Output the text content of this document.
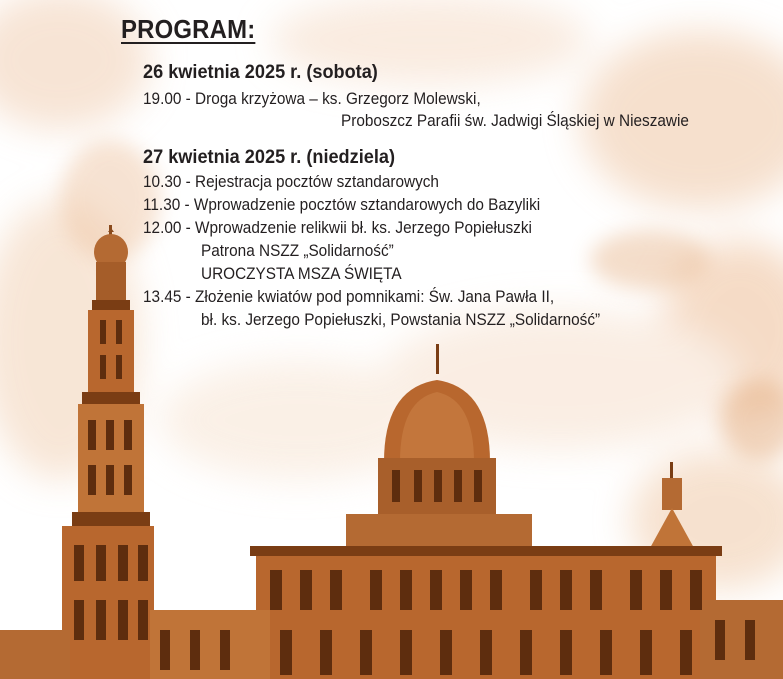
PROGRAM:
26 kwietnia 2025 r. (sobota)
19.00 - Droga krzyżowa – ks. Grzegorz Molewski,
Proboszcz Parafii św. Jadwigi Śląskiej w Nieszawie
27 kwietnia 2025 r. (niedziela)
10.30 - Rejestracja pocztów sztandarowych
11.30 - Wprowadzenie pocztów sztandarowych do Bazyliki
12.00 - Wprowadzenie relikwii bł. ks. Jerzego Popiełuszki
Patrona NSZZ „Solidarność”
UROCZYSTA MSZA ŚWIĘTA
13.45 - Złożenie kwiatów pod pomnikami: Św. Jana Pawła II,
bł. ks. Jerzego Popiełuszki, Powstania NSZZ „Solidarność”
